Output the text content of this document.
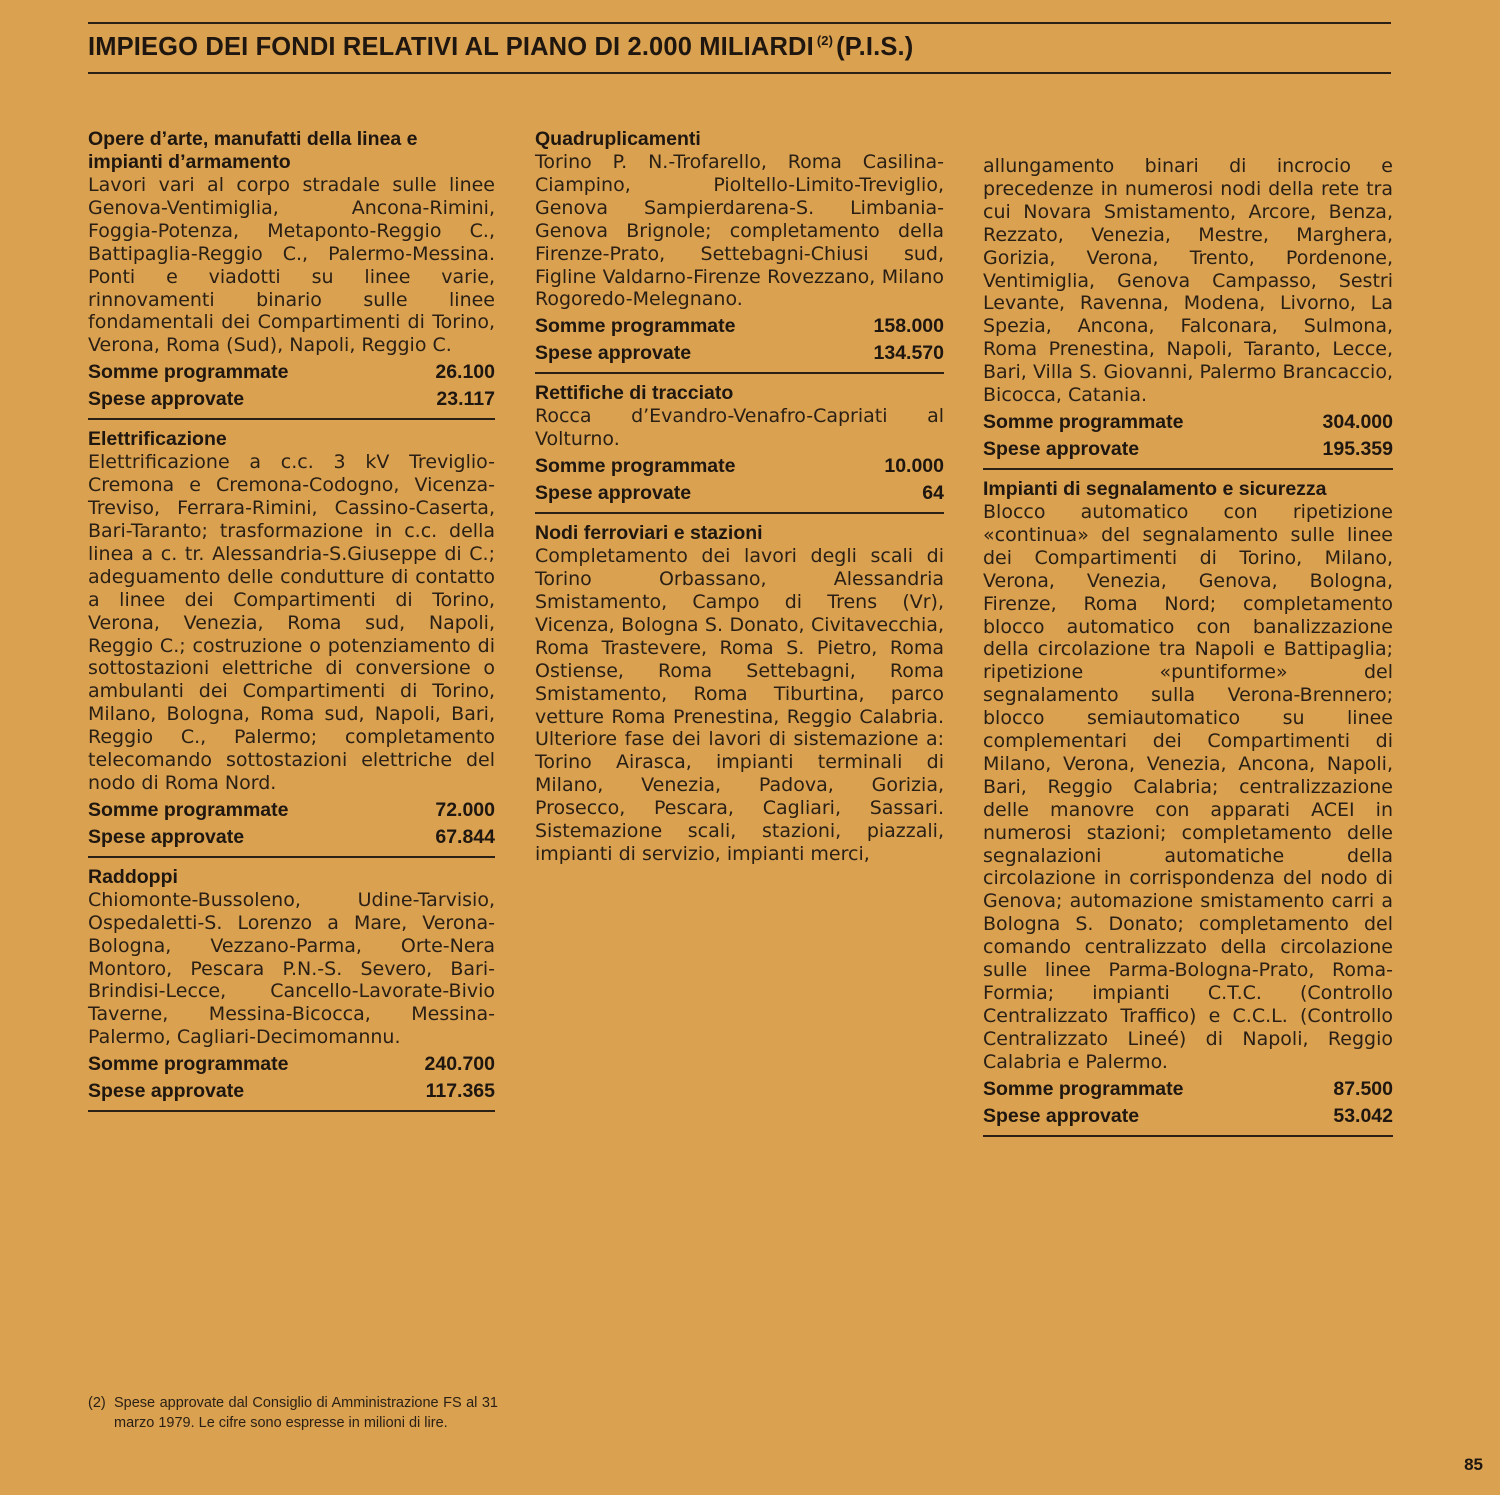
IMPIEGO DEI FONDI RELATIVI AL PIANO DI 2.000 MILIARDI $^{(2)}$ (P.I.S.)
Opere d’arte, manufatti della linea e impianti d’armamento
Lavori vari al corpo stradale sulle linee Genova-Ventimiglia, Ancona-Rimini, Foggia-Potenza, Metaponto-Reggio C., Battipaglia-Reggio C., Palermo-Messina. Ponti e viadotti su linee varie, rinnovamenti binario sulle linee fondamentali dei Compartimenti di Torino, Verona, Roma (Sud), Napoli, Reggio C.
Somme programmate	26.100
Spese approvate	23.117
Elettrificazione
Elettrificazione a c.c. 3 kV Treviglio-Cremona e Cremona-Codogno, Vicenza-Treviso, Ferrara-Rimini, Cassino-Caserta, Bari-Taranto; trasformazione in c.c. della linea a c. tr. Alessandria-S.Giuseppe di C.; adeguamento delle condutture di contatto a linee dei Compartimenti di Torino, Verona, Venezia, Roma sud, Napoli, Reggio C.; costruzione o potenziamento di sottostazioni elettriche di conversione o ambulanti dei Compartimenti di Torino, Milano, Bologna, Roma sud, Napoli, Bari, Reggio C., Palermo; completamento telecomando sottostazioni elettriche del nodo di Roma Nord.
Somme programmate	72.000
Spese approvate	67.844
Raddoppi
Chiomonte-Bussoleno, Udine-Tarvisio, Ospedaletti-S. Lorenzo a Mare, Verona-Bologna, Vezzano-Parma, Orte-Nera Montoro, Pescara P.N.-S. Severo, Bari-Brindisi-Lecce, Cancello-Lavorate-Bivio Taverne, Messina-Bicocca, Messina-Palermo, Cagliari-Decimomannu.
Somme programmate	240.700
Spese approvate	117.365
Quadruplicamenti
Torino P. N.-Trofarello, Roma Casilina-Ciampino, Pioltello-Limito-Treviglio, Genova Sampierdarena-S. Limbania-Genova Brignole; completamento della Firenze-Prato, Settebagni-Chiusi sud, Figline Valdarno-Firenze Rovezzano, Milano Rogoredo-Melegnano.
Somme programmate	158.000
Spese approvate	134.570
Rettifiche di tracciato
Rocca d’Evandro-Venafro-Capriati al Volturno.
Somme programmate	10.000
Spese approvate	64
Nodi ferroviari e stazioni
Completamento dei lavori degli scali di Torino Orbassano, Alessandria Smistamento, Campo di Trens (Vr), Vicenza, Bologna S. Donato, Civitavecchia, Roma Trastevere, Roma S. Pietro, Roma Ostiense, Roma Settebagni, Roma Smistamento, Roma Tiburtina, parco vetture Roma Prenestina, Reggio Calabria. Ulteriore fase dei lavori di sistemazione a: Torino Airasca, impianti terminali di Milano, Venezia, Padova, Gorizia, Prosecco, Pescara, Cagliari, Sassari. Sistemazione scali, stazioni, piazzali, impianti di servizio, impianti merci,
allungamento binari di incrocio e precedenze in numerosi nodi della rete tra cui Novara Smistamento, Arcore, Benza, Rezzato, Venezia, Mestre, Marghera, Gorizia, Verona, Trento, Pordenone, Ventimiglia, Genova Campasso, Sestri Levante, Ravenna, Modena, Livorno, La Spezia, Ancona, Falconara, Sulmona, Roma Prenestina, Napoli, Taranto, Lecce, Bari, Villa S. Giovanni, Palermo Brancaccio, Bicocca, Catania.
Somme programmate	304.000
Spese approvate	195.359
Impianti di segnalamento e sicurezza
Blocco automatico con ripetizione «continua» del segnalamento sulle linee dei Compartimenti di Torino, Milano, Verona, Venezia, Genova, Bologna, Firenze, Roma Nord; completamento blocco automatico con banalizzazione della circolazione tra Napoli e Battipaglia; ripetizione «puntiforme» del segnalamento sulla Verona-Brennero; blocco semiautomatico su linee complementari dei Compartimenti di Milano, Verona, Venezia, Ancona, Napoli, Bari, Reggio Calabria; centralizzazione delle manovre con apparati ACEI in numerosi stazioni; completamento delle segnalazioni automatiche della circolazione in corrispondenza del nodo di Genova; automazione smistamento carri a Bologna S. Donato; completamento del comando centralizzato della circolazione sulle linee Parma-Bologna-Prato, Roma-Formia; impianti C.T.C. (Controllo Centralizzato Traffico) e C.C.L. (Controllo Centralizzato Lineé) di Napoli, Reggio Calabria e Palermo.
Somme programmate	87.500
Spese approvate	53.042
(2) Spese approvate dal Consiglio di Amministrazione FS al 31 marzo 1979. Le cifre sono espresse in milioni di lire.
85
